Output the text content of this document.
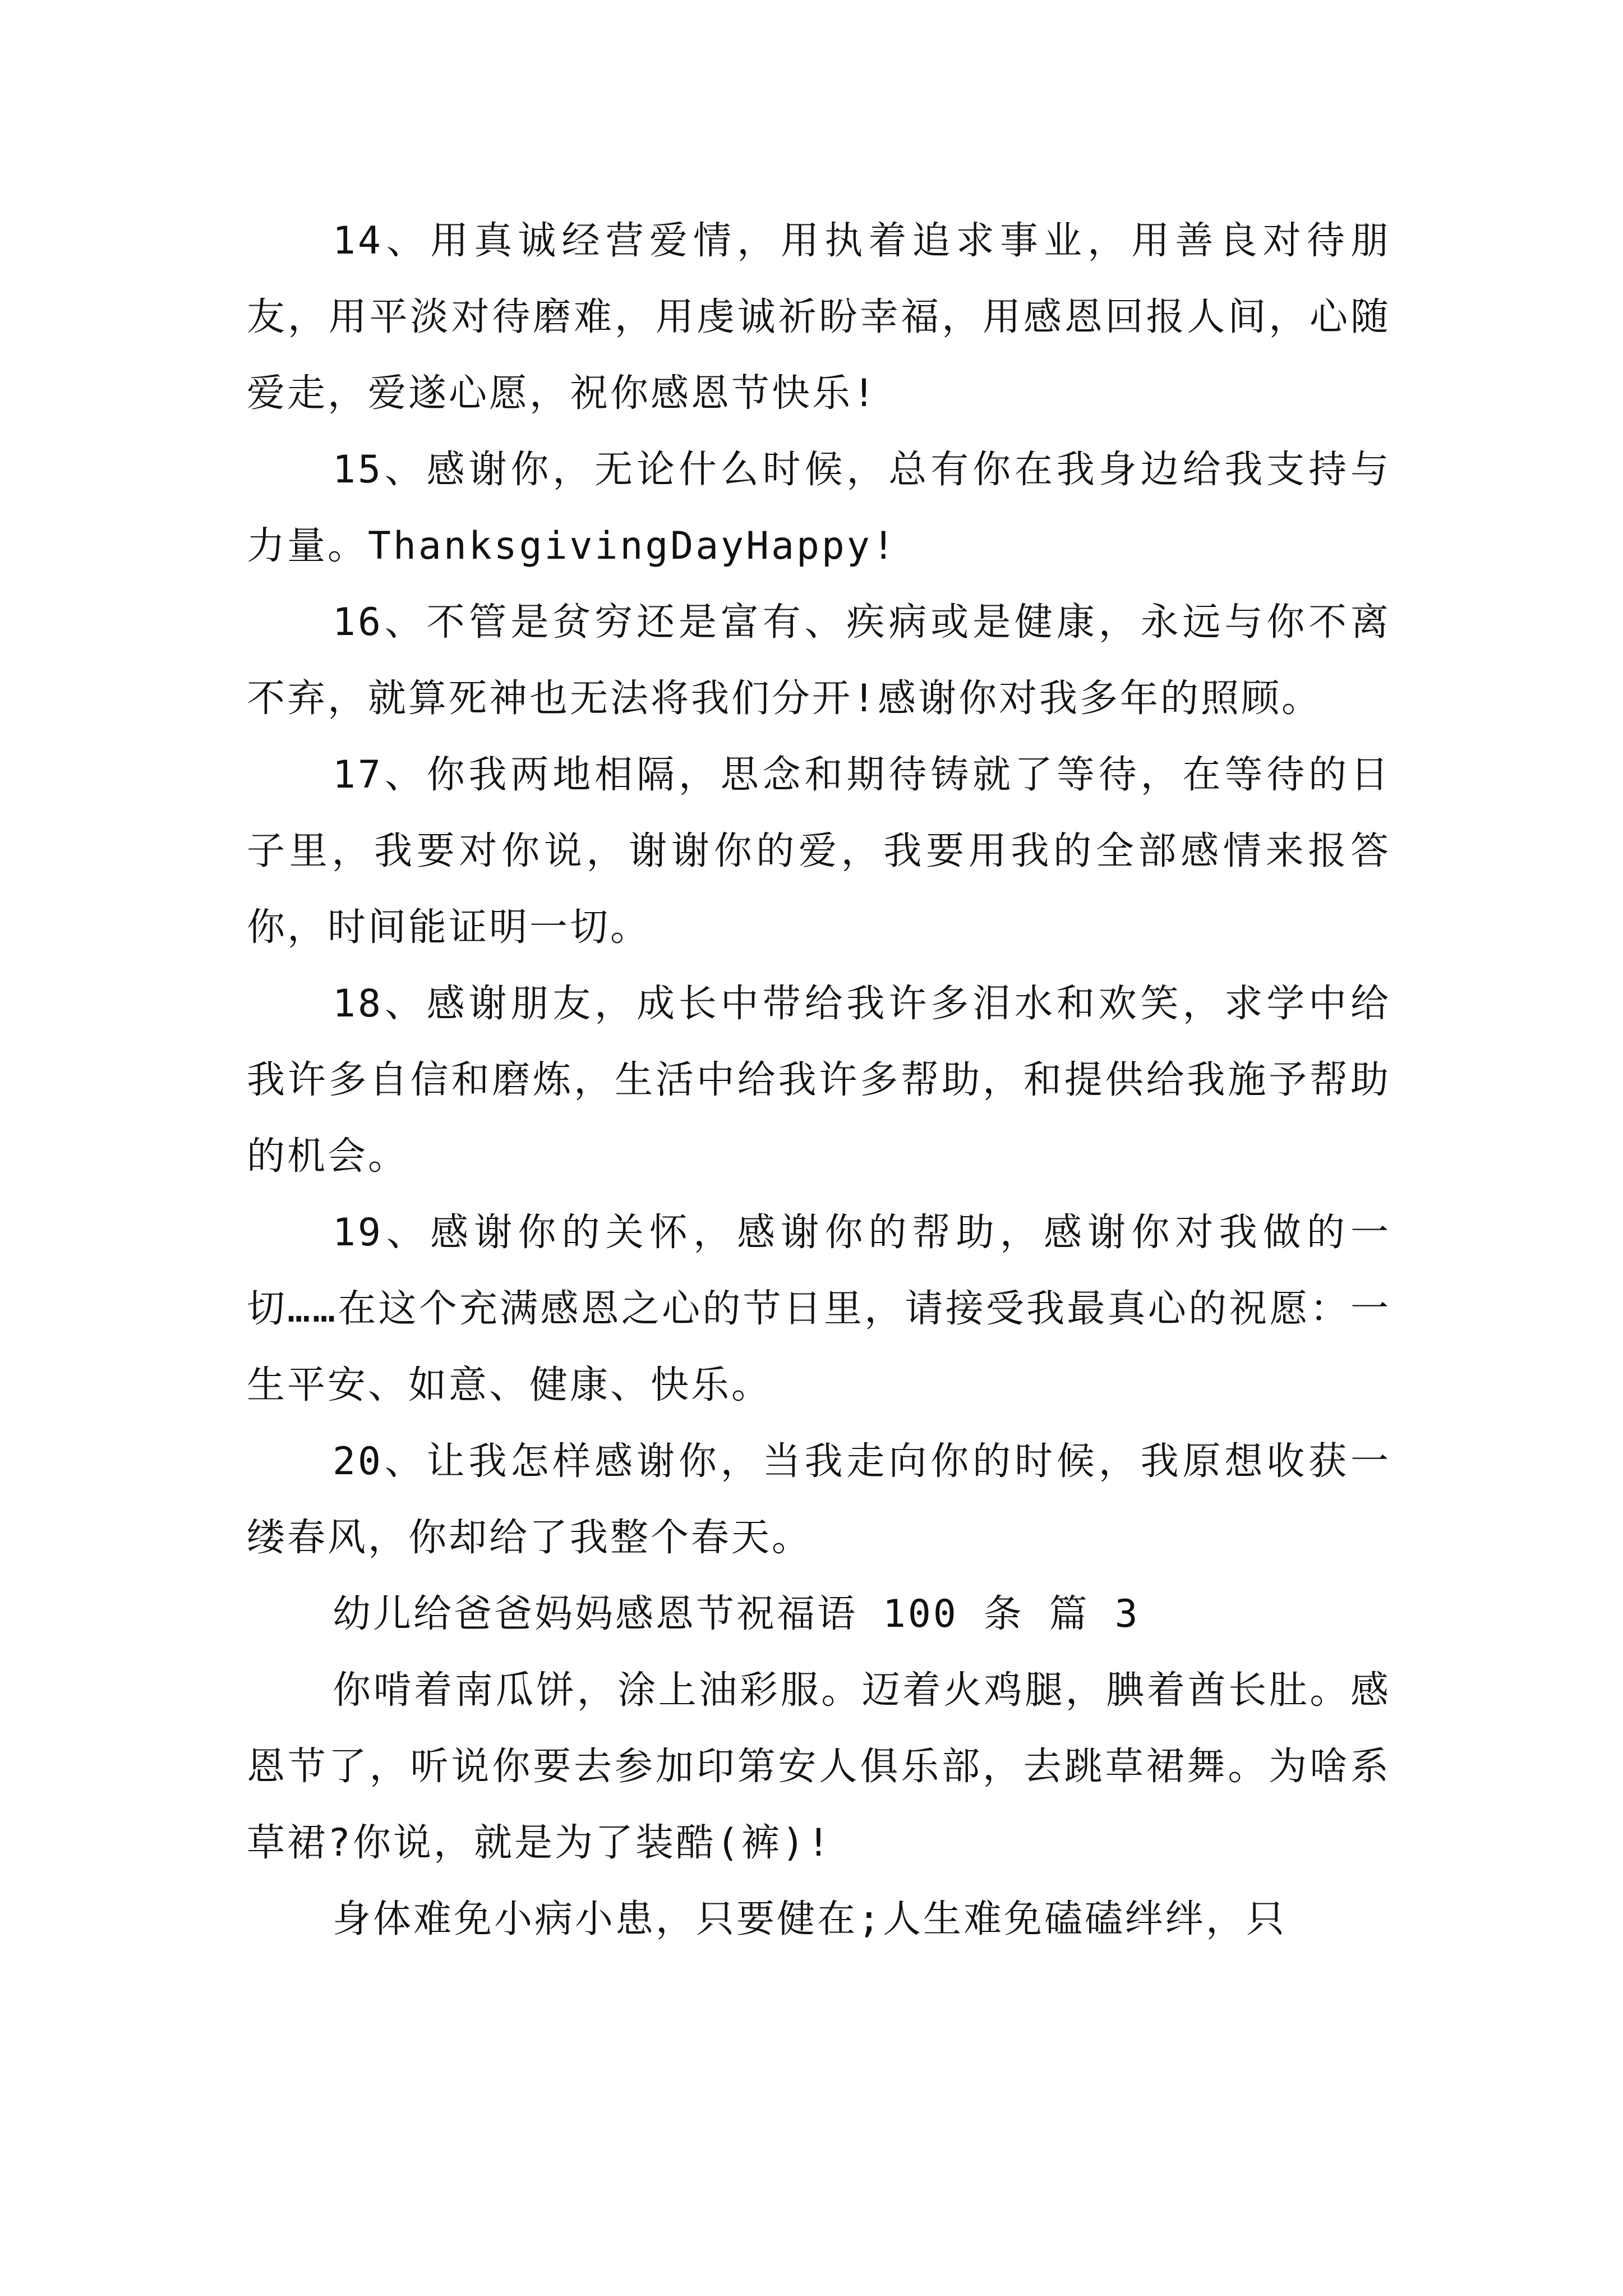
14、用真诚经营爱情，用执着追求事业，用善良对待朋友，用平淡对待磨难，用虔诚祈盼幸福，用感恩回报人间，心随爱走，爱遂心愿，祝你感恩节快乐!

15、感谢你，无论什么时候，总有你在我身边给我支持与力量。ThanksgivingDayHappy!

16、不管是贫穷还是富有、疾病或是健康，永远与你不离不弃，就算死神也无法将我们分开!感谢你对我多年的照顾。

17、你我两地相隔，思念和期待铸就了等待，在等待的日子里，我要对你说，谢谢你的爱，我要用我的全部感情来报答你，时间能证明一切。

18、感谢朋友，成长中带给我许多泪水和欢笑，求学中给我许多自信和磨炼，生活中给我许多帮助，和提供给我施予帮助的机会。

19、感谢你的关怀，感谢你的帮助，感谢你对我做的一切……在这个充满感恩之心的节日里，请接受我最真心的祝愿：一生平安、如意、健康、快乐。

20、让我怎样感谢你，当我走向你的时候，我原想收获一缕春风，你却给了我整个春天。

幼儿给爸爸妈妈感恩节祝福语 100 条 篇 3

你啃着南瓜饼，涂上油彩服。迈着火鸡腿，腆着酋长肚。感恩节了，听说你要去参加印第安人俱乐部，去跳草裙舞。为啥系草裙?你说，就是为了装酷(裤)!

身体难免小病小患，只要健在;人生难免磕磕绊绊，只
